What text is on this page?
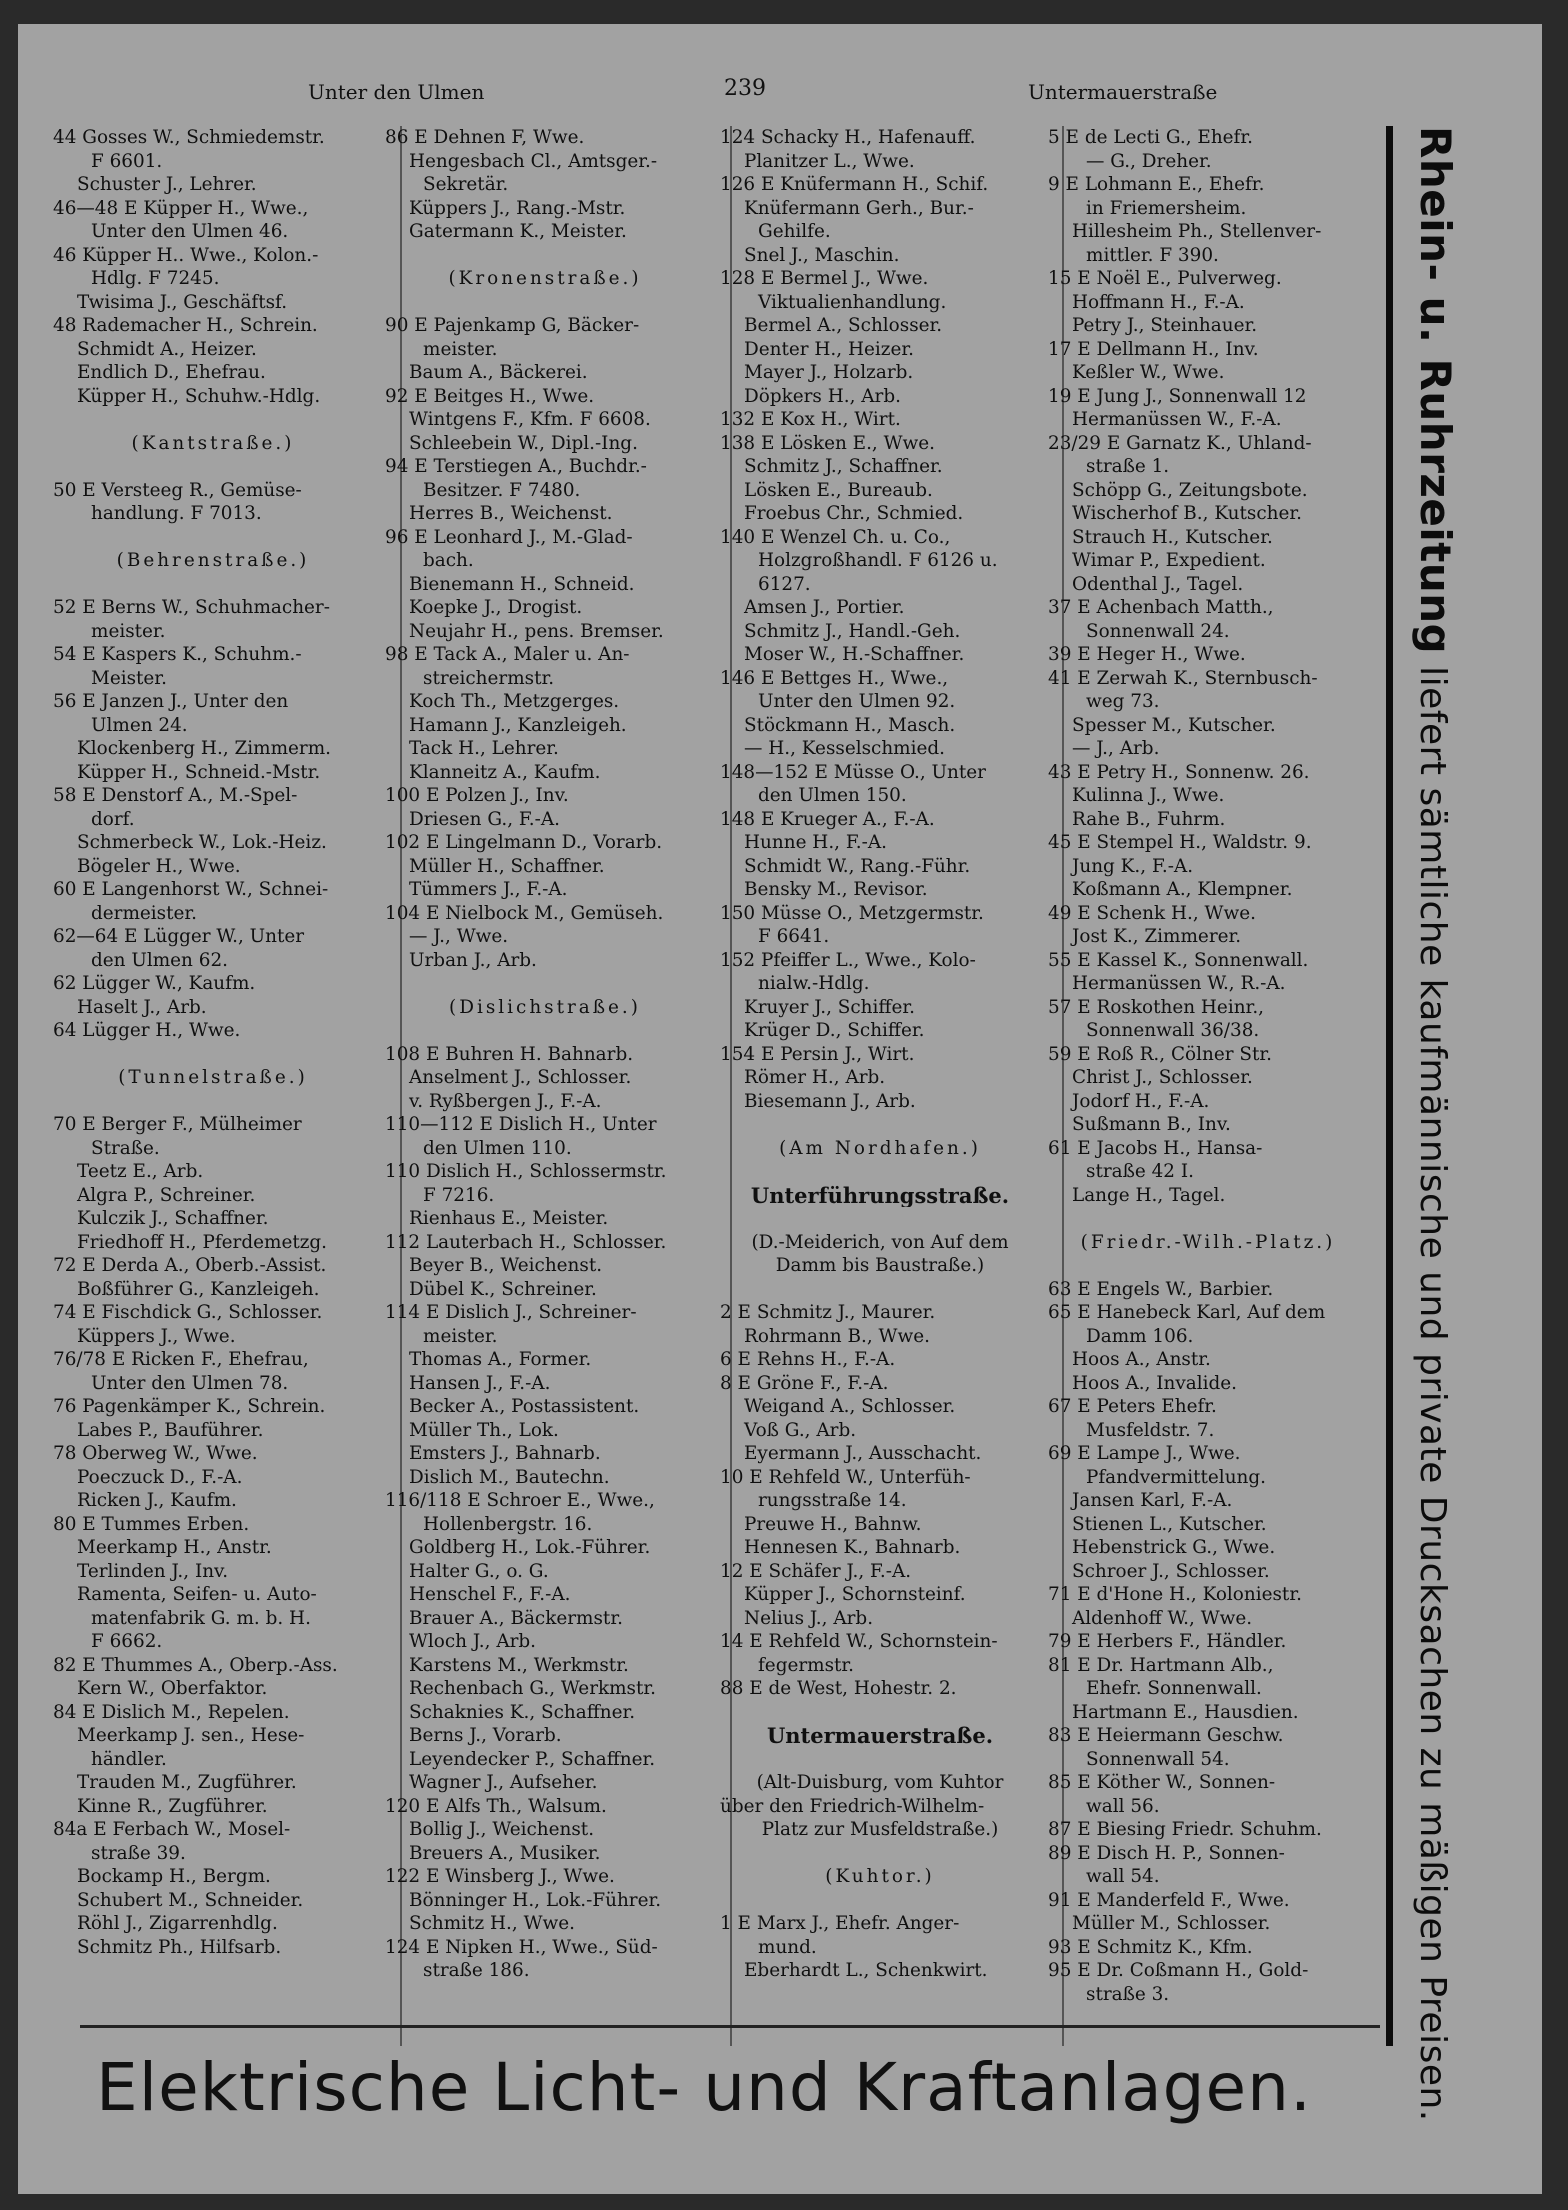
Unter den Ulmen	239	Untermauerstraße
44 Gosses W., Schmiedemstr.
F 6601.
Schuster J., Lehrer.
46—48 E Küpper H., Wwe.,
Unter den Ulmen 46.
46 Küpper H.. Wwe., Kolon.-
Hdlg. F 7245.
Twisima J., Geschäftsf.
48 Rademacher H., Schrein.
Schmidt A., Heizer.
Endlich D., Ehefrau.
Küpper H., Schuhw.-Hdlg.
(Kantstraße.)
50 E Versteeg R., Gemüse-
handlung. F 7013.
(Behrenstraße.)
52 E Berns W., Schuhmacher-
meister.
54 E Kaspers K., Schuhm.-
Meister.
56 E Janzen J., Unter den
Ulmen 24.
Klockenberg H., Zimmerm.
Küpper H., Schneid.-Mstr.
58 E Denstorf A., M.-Spel-
dorf.
Schmerbeck W., Lok.-Heiz.
Bögeler H., Wwe.
60 E Langenhorst W., Schnei-
dermeister.
62—64 E Lügger W., Unter
den Ulmen 62.
62 Lügger W., Kaufm.
Haselt J., Arb.
64 Lügger H., Wwe.
(Tunnelstraße.)
70 E Berger F., Mülheimer
Straße.
Teetz E., Arb.
Algra P., Schreiner.
Kulczik J., Schaffner.
Friedhoff H., Pferdemetzg.
72 E Derda A., Oberb.-Assist.
Boßführer G., Kanzleigeh.
74 E Fischdick G., Schlosser.
Küppers J., Wwe.
76/78 E Ricken F., Ehefrau,
Unter den Ulmen 78.
76 Pagenkämper K., Schrein.
Labes P., Bauführer.
78 Oberweg W., Wwe.
Poeczuck D., F.-A.
Ricken J., Kaufm.
80 E Tummes Erben.
Meerkamp H., Anstr.
Terlinden J., Inv.
Ramenta, Seifen- u. Auto-
matenfabrik G. m. b. H.
F 6662.
82 E Thummes A., Oberp.-Ass.
Kern W., Oberfaktor.
84 E Dislich M., Repelen.
Meerkamp J. sen., Hese-
händler.
Trauden M., Zugführer.
Kinne R., Zugführer.
84a E Ferbach W., Mosel-
straße 39.
Bockamp H., Bergm.
Schubert M., Schneider.
Röhl J., Zigarrenhdlg.
Schmitz Ph., Hilfsarb.
86 E Dehnen F, Wwe.
Hengesbach Cl., Amtsger.-
Sekretär.
Küppers J., Rang.-Mstr.
Gatermann K., Meister.
(Kronenstraße.)
90 E Pajenkamp G, Bäcker-
meister.
Baum A., Bäckerei.
92 E Beitges H., Wwe.
Wintgens F., Kfm. F 6608.
Schleebein W., Dipl.-Ing.
94 E Terstiegen A., Buchdr.-
Besitzer. F 7480.
Herres B., Weichenst.
96 E Leonhard J., M.-Glad-
bach.
Bienemann H., Schneid.
Koepke J., Drogist.
Neujahr H., pens. Bremser.
98 E Tack A., Maler u. An-
streichermstr.
Koch Th., Metzgerges.
Hamann J., Kanzleigeh.
Tack H., Lehrer.
Klanneitz A., Kaufm.
100 E Polzen J., Inv.
Driesen G., F.-A.
102 E Lingelmann D., Vorarb.
Müller H., Schaffner.
Tümmers J., F.-A.
104 E Nielbock M., Gemüseh.
— J., Wwe.
Urban J., Arb.
(Dislichstraße.)
108 E Buhren H. Bahnarb.
Anselment J., Schlosser.
v. Ryßbergen J., F.-A.
110—112 E Dislich H., Unter
den Ulmen 110.
110 Dislich H., Schlossermstr.
F 7216.
Rienhaus E., Meister.
112 Lauterbach H., Schlosser.
Beyer B., Weichenst.
Dübel K., Schreiner.
114 E Dislich J., Schreiner-
meister.
Thomas A., Former.
Hansen J., F.-A.
Becker A., Postassistent.
Müller Th., Lok.
Emsters J., Bahnarb.
Dislich M., Bautechn.
116/118 E Schroer E., Wwe.,
Hollenbergstr. 16.
Goldberg H., Lok.-Führer.
Halter G., o. G.
Henschel F., F.-A.
Brauer A., Bäckermstr.
Wloch J., Arb.
Karstens M., Werkmstr.
Rechenbach G., Werkmstr.
Schaknies K., Schaffner.
Berns J., Vorarb.
Leyendecker P., Schaffner.
Wagner J., Aufseher.
120 E Alfs Th., Walsum.
Bollig J., Weichenst.
Breuers A., Musiker.
122 E Winsberg J., Wwe.
Bönninger H., Lok.-Führer.
Schmitz H., Wwe.
124 E Nipken H., Wwe., Süd-
straße 186.
124 Schacky H., Hafenauff.
Planitzer L., Wwe.
126 E Knüfermann H., Schif.
Knüfermann Gerh., Bur.-
Gehilfe.
Snel J., Maschin.
128 E Bermel J., Wwe.
Viktualienhandlung.
Bermel A., Schlosser.
Denter H., Heizer.
Mayer J., Holzarb.
Döpkers H., Arb.
132 E Kox H., Wirt.
138 E Lösken E., Wwe.
Schmitz J., Schaffner.
Lösken E., Bureaub.
Froebus Chr., Schmied.
140 E Wenzel Ch. u. Co.,
Holzgroßhandl. F 6126 u.
6127.
Amsen J., Portier.
Schmitz J., Handl.-Geh.
Moser W., H.-Schaffner.
146 E Bettges H., Wwe.,
Unter den Ulmen 92.
Stöckmann H., Masch.
— H., Kesselschmied.
148—152 E Müsse O., Unter
den Ulmen 150.
148 E Krueger A., F.-A.
Hunne H., F.-A.
Schmidt W., Rang.-Führ.
Bensky M., Revisor.
150 Müsse O., Metzgermstr.
F 6641.
152 Pfeiffer L., Wwe., Kolo-
nialw.-Hdlg.
Kruyer J., Schiffer.
Krüger D., Schiffer.
154 E Persin J., Wirt.
Römer H., Arb.
Biesemann J., Arb.
(Am Nordhafen.)
Unterführungsstraße.
(D.-Meiderich, von Auf dem
Damm bis Baustraße.)
2 E Schmitz J., Maurer.
Rohrmann B., Wwe.
6 E Rehns H., F.-A.
8 E Gröne F., F.-A.
Weigand A., Schlosser.
Voß G., Arb.
Eyermann J., Ausschacht.
10 E Rehfeld W., Unterfüh-
rungsstraße 14.
Preuwe H., Bahnw.
Hennesen K., Bahnarb.
12 E Schäfer J., F.-A.
Küpper J., Schornsteinf.
Nelius J., Arb.
14 E Rehfeld W., Schornstein-
fegermstr.
88 E de West, Hohestr. 2.
Untermauerstraße.
(Alt-Duisburg, vom Kuhtor
über den Friedrich-Wilhelm-
Platz zur Musfeldstraße.)
(Kuhtor.)
1 E Marx J., Ehefr. Anger-
mund.
Eberhardt L., Schenkwirt.
5 E de Lecti G., Ehefr.
— G., Dreher.
9 E Lohmann E., Ehefr.
in Friemersheim.
Hillesheim Ph., Stellenver-
mittler. F 390.
15 E Noël E., Pulverweg.
Hoffmann H., F.-A.
Petry J., Steinhauer.
17 E Dellmann H., Inv.
Keßler W., Wwe.
19 E Jung J., Sonnenwall 12
Hermanüssen W., F.-A.
23/29 E Garnatz K., Uhland-
straße 1.
Schöpp G., Zeitungsbote.
Wischerhof B., Kutscher.
Strauch H., Kutscher.
Wimar P., Expedient.
Odenthal J., Tagel.
37 E Achenbach Matth.,
Sonnenwall 24.
39 E Heger H., Wwe.
41 E Zerwah K., Sternbusch-
weg 73.
Spesser M., Kutscher.
— J., Arb.
43 E Petry H., Sonnenw. 26.
Kulinna J., Wwe.
Rahe B., Fuhrm.
45 E Stempel H., Waldstr. 9.
Jung K., F.-A.
Koßmann A., Klempner.
49 E Schenk H., Wwe.
Jost K., Zimmerer.
55 E Kassel K., Sonnenwall.
Hermanüssen W., R.-A.
57 E Roskothen Heinr.,
Sonnenwall 36/38.
59 E Roß R., Cölner Str.
Christ J., Schlosser.
Jodorf H., F.-A.
Sußmann B., Inv.
61 E Jacobs H., Hansa-
straße 42 I.
Lange H., Tagel.
(Friedr.-Wilh.-Platz.)
63 E Engels W., Barbier.
65 E Hanebeck Karl, Auf dem
Damm 106.
Hoos A., Anstr.
Hoos A., Invalide.
67 E Peters Ehefr.
Musfeldstr. 7.
69 E Lampe J., Wwe.
Pfandvermittelung.
Jansen Karl, F.-A.
Stienen L., Kutscher.
Hebenstrick G., Wwe.
Schroer J., Schlosser.
71 E d'Hone H., Koloniestr.
Aldenhoff W., Wwe.
79 E Herbers F., Händler.
81 E Dr. Hartmann Alb.,
Ehefr. Sonnenwall.
Hartmann E., Hausdien.
83 E Heiermann Geschw.
Sonnenwall 54.
85 E Köther W., Sonnen-
wall 56.
87 E Biesing Friedr. Schuhm.
89 E Disch H. P., Sonnen-
wall 54.
91 E Manderfeld F., Wwe.
Müller M., Schlosser.
93 E Schmitz K., Kfm.
95 E Dr. Coßmann H., Gold-
straße 3.
Rhein- u. Ruhrzeitung liefert sämtliche kaufmännische und private Drucksachen zu mäßigen Preisen.
Elektrische Licht- und Kraftanlagen.
